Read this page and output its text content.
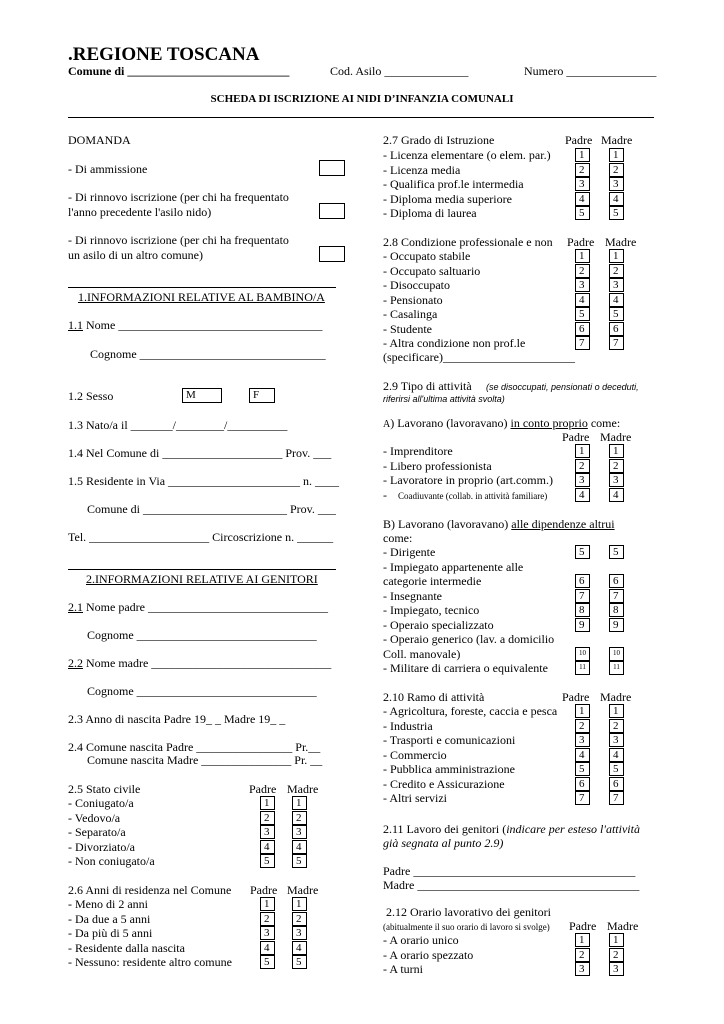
.REGIONE TOSCANA
Comune di ___________________________	Cod. Asilo ______________	Numero _______________
SCHEDA DI ISCRIZIONE AI NIDI D’INFANZIA COMUNALI
DOMANDA
- Di ammissione
- Di rinnovo iscrizione (per chi ha frequentato
l'anno precedente l'asilo nido)
- Di rinnovo iscrizione (per chi ha frequentato
un asilo di un altro comune)
1.INFORMAZIONI RELATIVE AL BAMBINO/A
1.1 Nome __________________________________
Cognome _______________________________
1.2 Sesso	M	F
1.3 Nato/a il _______/________/__________
1.4 Nel Comune di ____________________ Prov. ___
1.5 Residente in Via ______________________ n. ____
Comune di ________________________ Prov. ___
Tel. ____________________ Circoscrizione n. ______
2.INFORMAZIONI RELATIVE AI GENITORI
2.1 Nome padre ______________________________
Cognome ______________________________
2.2 Nome madre ______________________________
Cognome ______________________________
2.3 Anno di nascita Padre 19_ _ Madre 19_ _
2.4 Comune nascita Padre ________________ Pr.__
Comune nascita Madre _______________ Pr. __
2.5 Stato civile	Padre Madre
- Coniugato/a	1	1
- Vedovo/a	2	2
- Separato/a	3	3
- Divorziato/a	4	4
- Non coniugato/a	5	5
2.6 Anni di residenza nel Comune Padre Madre
- Meno di 2 anni	1	1
- Da due a 5 anni	2	2
- Da più di 5 anni	3	3
- Residente dalla nascita	4	4
- Nessuno: residente altro comune	5	5
2.7 Grado di Istruzione	Padre Madre
- Licenza elementare (o elem. par.)	1	1
- Licenza media	2	2
- Qualifica prof.le intermedia	3	3
- Diploma media superiore	4	4
- Diploma di laurea	5	5
2.8 Condizione professionale e non Padre Madre
- Occupato stabile	1	1
- Occupato saltuario	2	2
- Disoccupato	3	3
- Pensionato	4	4
- Casalinga	5	5
- Studente	6	6
- Altra condizione non prof.le	7	7
(specificare)______________________
2.9 Tipo di attività (se disoccupati, pensionati o deceduti,
riferirsi all'ultima attività svolta)
A) Lavorano (lavoravano) in conto proprio come:
Padre Madre
- Imprenditore	1	1
- Libero professionista	2	2
- Lavoratore in proprio (art.comm.)	3	3
- Coadiuvante (collab. in attività familiare)	4	4
B) Lavorano (lavoravano) alle dipendenze altrui
come:
- Dirigente	5	5
- Impiegato appartenente alle
categorie intermedie	6	6
- Insegnante	7	7
- Impiegato, tecnico	8	8
- Operaio specializzato	9	9
- Operaio generico (lav. a domicilio
Coll. manovale)	10	10
- Militare di carriera o equivalente	11	11
2.10 Ramo di attività	Padre Madre
- Agricoltura, foreste, caccia e pesca	1	1
- Industria	2	2
- Trasporti e comunicazioni	3	3
- Commercio	4	4
- Pubblica amministrazione	5	5
- Credito e Assicurazione	6	6
- Altri servizi	7	7
2.11 Lavoro dei genitori (indicare per esteso l'attività
già segnata al punto 2.9)
Padre _____________________________________
Madre _____________________________________
2.12 Orario lavorativo dei genitori
(abitualmente il suo orario di lavoro si svolge) Padre Madre
- A orario unico	1	1
- A orario spezzato	2	2
- A turni	3	3
